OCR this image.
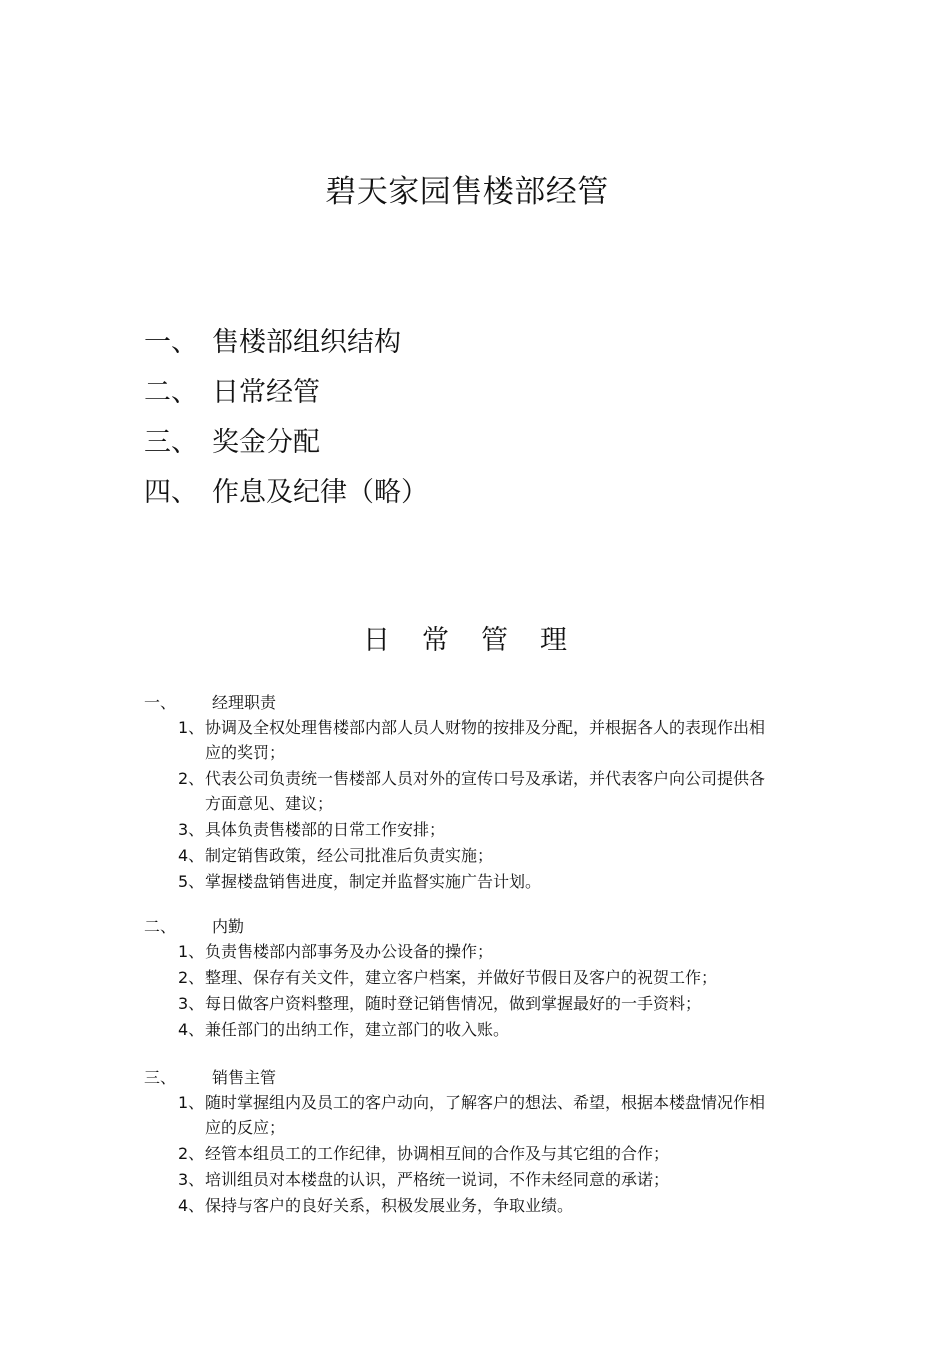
碧天家园售楼部经管
一、 售楼部组织结构
二、 日常经管
三、 奖金分配
四、 作息及纪律（略）
日常管理
一、	经理职责
1、 协调及全权处理售楼部内部人员人财物的按排及分配，并根据各人的表现作出相应的奖罚；
2、 代表公司负责统一售楼部人员对外的宣传口号及承诺，并代表客户向公司提供各方面意见、建议；
3、 具体负责售楼部的日常工作安排；
4、 制定销售政策，经公司批准后负责实施；
5、 掌握楼盘销售进度，制定并监督实施广告计划。
二、	内勤
1、 负责售楼部内部事务及办公设备的操作；
2、 整理、保存有关文件，建立客户档案，并做好节假日及客户的祝贺工作；
3、 每日做客户资料整理，随时登记销售情况，做到掌握最好的一手资料；
4、 兼任部门的出纳工作，建立部门的收入账。
三、	销售主管
1、 随时掌握组内及员工的客户动向，了解客户的想法、希望，根据本楼盘情况作相应的反应；
2、 经管本组员工的工作纪律，协调相互间的合作及与其它组的合作；
3、 培训组员对本楼盘的认识，严格统一说词，不作未经同意的承诺；
4、 保持与客户的良好关系，积极发展业务，争取业绩。
